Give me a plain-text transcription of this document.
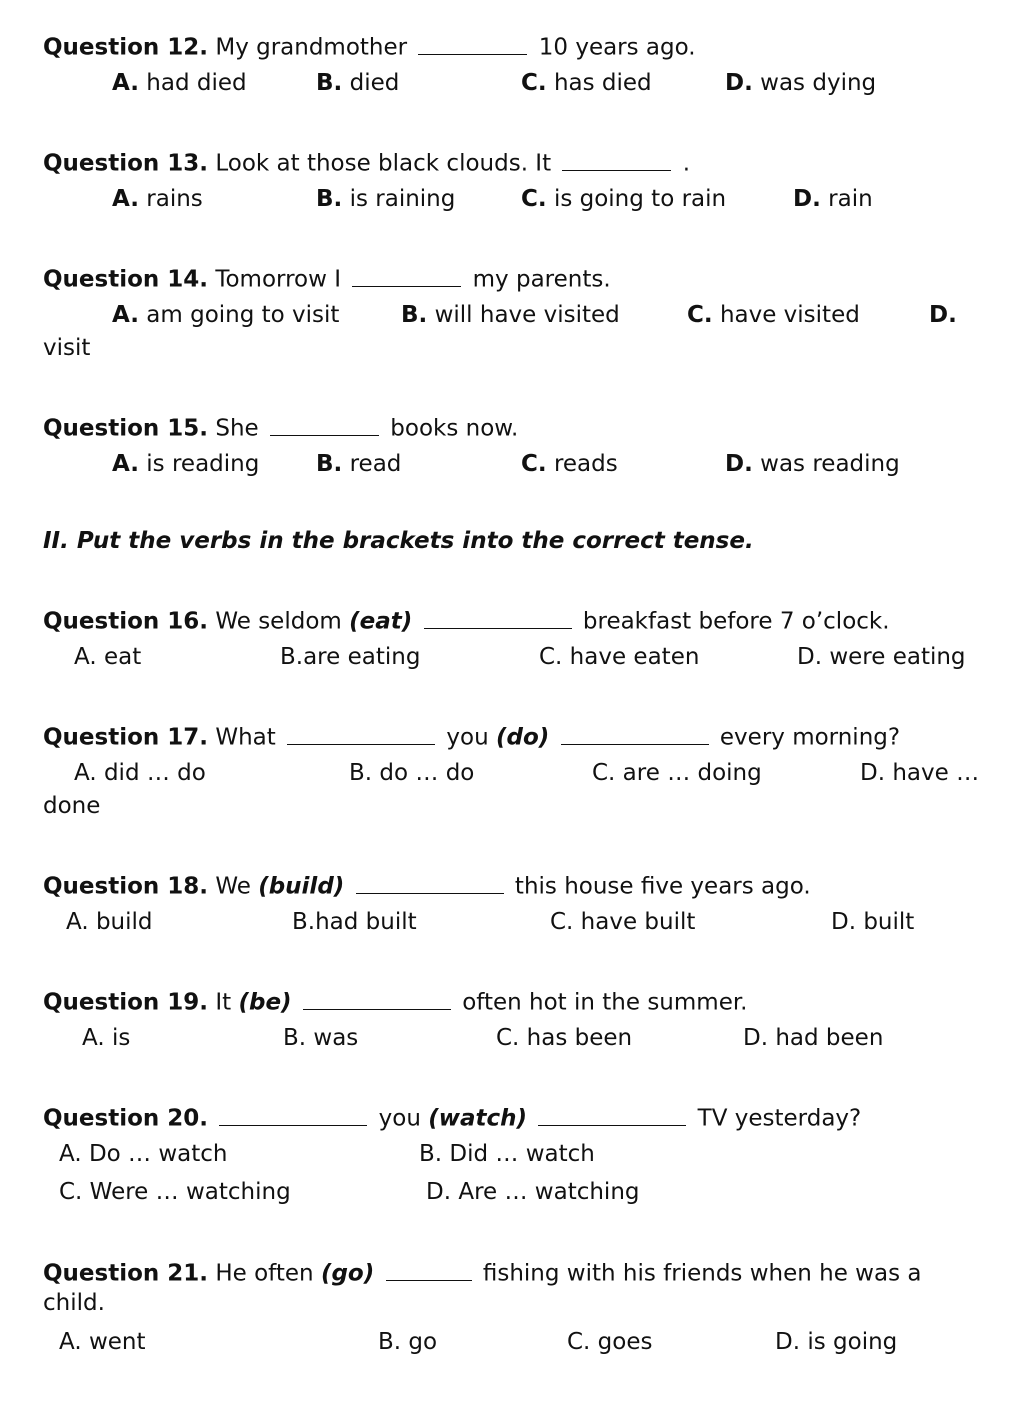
Question 12. My grandmother	10 years ago.
A. had died	B. died	C. has died	D. was dying
Question 13. Look at those black clouds. It	.
A. rains	B. is raining	C. is going to rain	D. rain
Question 14. Tomorrow I	my parents.
A. am going to visit	B. will have visited	C. have visited	D.
visit
Question 15. She	books now.
A. is reading B. read	C. reads	D. was reading
II. Put the verbs in the brackets into the correct tense.
Question 16. We seldom (eat)	breakfast before 7 o’clock.
A. eat	B.are eating	C. have eaten	D. were eating
Question 17. What	you (do)	every morning?
A. did … do	B. do … do	C. are … doing	D. have …
done
Question 18. We (build)	this house five years ago.
A. build	B.had built	C. have built	D. built
Question 19. It (be)	often hot in the summer.
A. is	B. was	C. has been	D. had been
Question 20.	you (watch)	TV yesterday?
A. Do … watch	B. Did … watch
C. Were … watching	D. Are … watching
Question 21. He often (go)	fishing with his friends when he was a
child.
A. went	B. go	C. goes	D. is going
